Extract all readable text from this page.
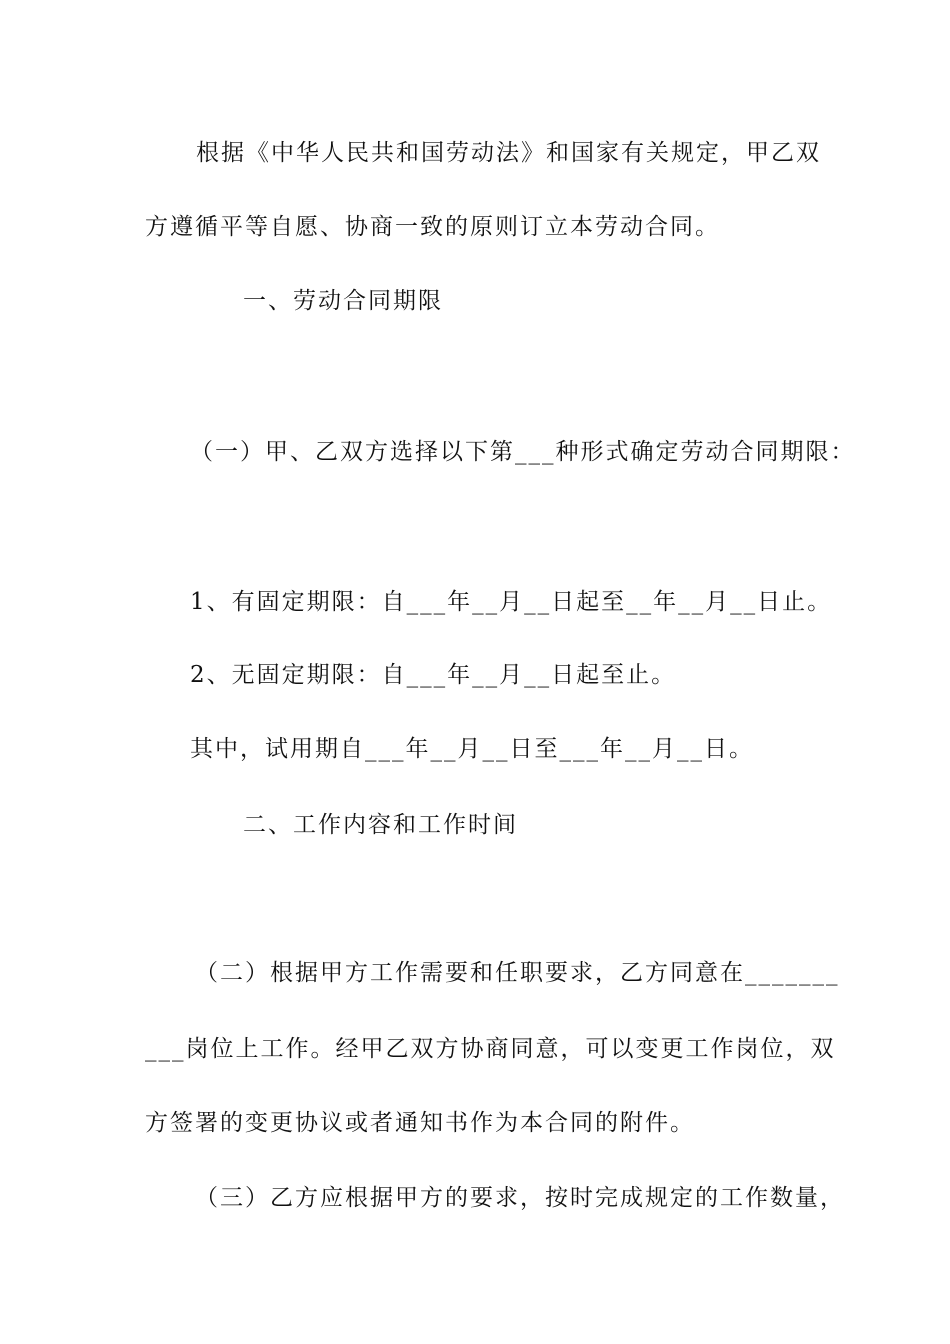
根据《中华人民共和国劳动法》和国家有关规定，甲乙双
方遵循平等自愿、协商一致的原则订立本劳动合同。
一、劳动合同期限
（一）甲、乙双方选择以下第___种形式确定劳动合同期限：
1、有固定期限：自___年__月__日起至__年__月__日止。
2、无固定期限：自___年__月__日起至止。
其中，试用期自___年__月__日至___年__月__日。
二、工作内容和工作时间
（二）根据甲方工作需要和任职要求，乙方同意在_______
___岗位上工作。经甲乙双方协商同意，可以变更工作岗位，双
方签署的变更协议或者通知书作为本合同的附件。
（三）乙方应根据甲方的要求，按时完成规定的工作数量，
